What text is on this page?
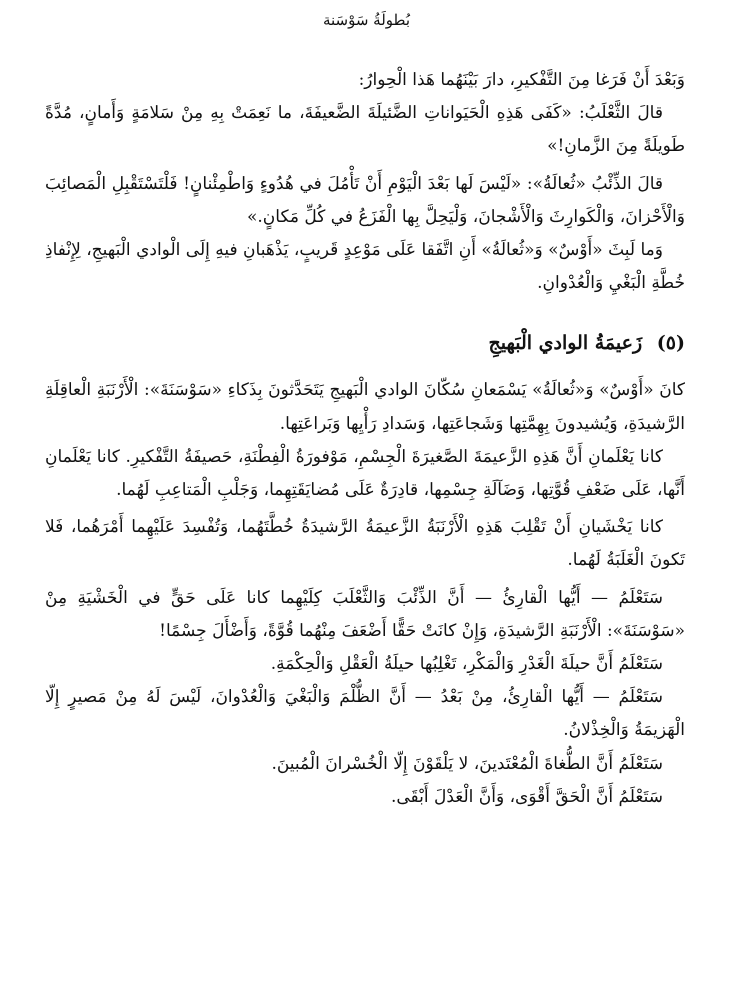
بُطولَةُ سَوْسَنة

وَبَعْدَ أَنْ فَرَغا مِنَ التَّفْكيرِ، دارَ بَيْنَهُما هَذا الْحِوارُ:

قالَ الثَّعْلَبُ: «كَفَى هَذِهِ الْحَيَواناتِ الضَّئيلَةَ الضَّعيفَةَ، ما نَعِمَتْ بِهِ مِنْ سَلامَةٍ وَأَمانٍ، مُدَّةً طَويلَةً مِنَ الزَّمانِ!»

قالَ الذِّئْبُ «ثُعالَةُ»: «لَيْسَ لَها بَعْدَ الْيَوْمِ أَنْ تَأْمُلَ في هُدُوءٍ وَاطْمِئْنانٍ! فَلْتَسْتَقْبِلِ الْمَصائِبَ وَالْأَحْزانَ، وَالْكَوارِثَ وَالْأَشْجانَ، وَلْيَحِلَّ بِها الْفَزَعُ في كُلِّ مَكانٍ.»

وَما لَبِثَ «أَوْسٌ» وَ«ثُعالَةُ» أَنِ اتَّفَقا عَلَى مَوْعِدٍ قَريبٍ، يَذْهَبانِ فيهِ إِلَى الْوادي الْبَهيجِ، لِإِنْفاذِ خُطَّةِ الْبَغْيِ وَالْعُدْوانِ.

(٥) زَعيمَةُ الوادي الْبَهيجِ

كانَ «أَوْسٌ» وَ«ثُعالَةُ» يَسْمَعانِ سُكّانَ الوادي الْبَهيجِ يَتَحَدَّثونَ بِذَكاءِ «سَوْسَنَةَ»: الْأَرْنَبَةِ الْعاقِلَةِ الرَّشيدَةِ، وَيُشيدونَ بِهِمَّتِها وَشَجاعَتِها، وَسَدادِ رَأْيِها وَبَراعَتِها.

كانا يَعْلَمانِ أَنَّ هَذِهِ الزَّعيمَةَ الصَّغيرَةَ الْجِسْمِ، مَوْفورَةُ الْفِطْنَةِ، حَصيفَةُ التَّفْكيرِ. كانا يَعْلَمانِ أَنَّها، عَلَى ضَعْفِ قُوَّتِها، وَضَآلَةِ جِسْمِها، قادِرَةٌ عَلَى مُضايَقَتِهِما، وَجَلْبِ الْمَتاعِبِ لَهُما.

كانا يَخْشَيانِ أَنْ تَقْلِبَ هَذِهِ الْأَرْنَبَةُ الزَّعيمَةُ الرَّشيدَةُ خُطَّتَهُما، وَتُفْسِدَ عَلَيْهِما أَمْرَهُما، فَلا تَكونَ الْغَلَبَةُ لَهُما.

سَتَعْلَمُ — أَيُّها الْقارِئُ — أَنَّ الذِّئْبَ وَالثَّعْلَبَ كِلَيْهِما كانا عَلَى حَقٍّ في الْخَشْيَةِ مِنْ «سَوْسَنَةَ»: الْأَرْنَبَةِ الرَّشيدَةِ، وَإِنْ كانَتْ حَقًّا أَضْعَفَ مِنْهُما قُوَّةً، وَأَضْأَلَ جِسْمًا!

سَتَعْلَمُ أَنَّ حيلَةَ الْغَدْرِ وَالْمَكْرِ، تَغْلِبُها حيلَةُ الْعَقْلِ وَالْحِكْمَةِ.

سَتَعْلَمُ — أَيُّها الْقارِئُ، مِنْ بَعْدُ — أَنَّ الظُّلْمَ وَالْبَغْيَ وَالْعُدْوانَ، لَيْسَ لَهُ مِنْ مَصيرٍ إِلّا الْهَزيمَةُ وَالْخِذْلانُ.

سَتَعْلَمُ أَنَّ الطُّغاةَ الْمُعْتَدينَ، لا يَلْقَوْنَ إِلّا الْخُسْرانَ الْمُبينَ.

سَتَعْلَمُ أَنَّ الْحَقَّ أَقْوَى، وَأَنَّ الْعَدْلَ أَبْقَى.
